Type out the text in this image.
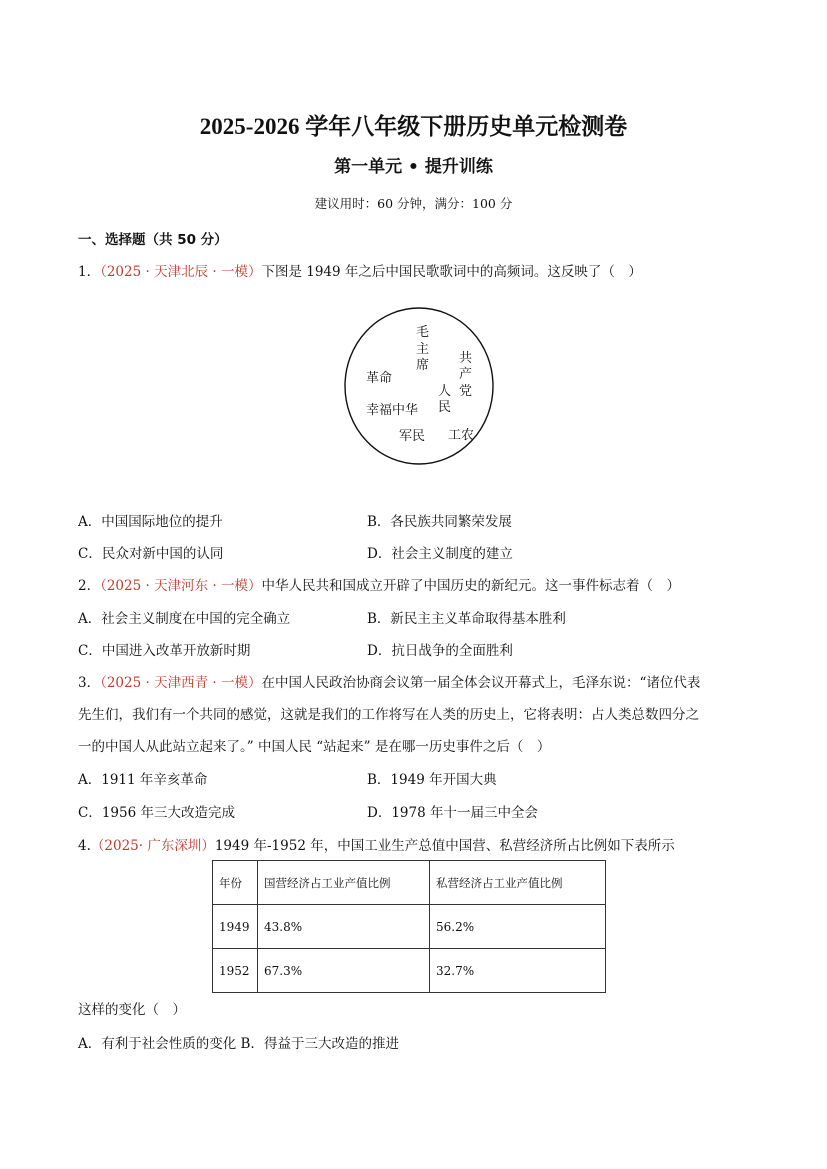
2025-2026 学年八年级下册历史单元检测卷
第一单元 • 提升训练
建议用时：60 分钟，满分：100 分
一、选择题（共 50 分）
1．（2025 · 天津北辰 · 一模）下图是 1949 年之后中国民歌歌词中的高频词。这反映了（　）
毛
主
席 共
产
党
革命
人
民
幸福中华
军民 工农
A．中国国际地位的提升	B．各民族共同繁荣发展
C．民众对新中国的认同	D．社会主义制度的建立
2．（2025 · 天津河东 · 一模）中华人民共和国成立开辟了中国历史的新纪元。这一事件标志着（　）
A．社会主义制度在中国的完全确立	B．新民主主义革命取得基本胜利
C．中国进入改革开放新时期	D．抗日战争的全面胜利
3．（2025 · 天津西青 · 一模）在中国人民政治协商会议第一届全体会议开幕式上，毛泽东说：“诸位代表
先生们，我们有一个共同的感觉，这就是我们的工作将写在人类的历史上，它将表明：占人类总数四分之
一的中国人从此站立起来了。” 中国人民 “站起来” 是在哪一历史事件之后（　）
A．1911 年辛亥革命	B．1949 年开国大典
C．1956 年三大改造完成	D．1978 年十一届三中全会
4.（2025· 广东深圳）1949 年-1952 年，中国工业生产总值中国营、私营经济所占比例如下表所示
年份	国营经济占工业产值比例	私营经济占工业产值比例
1949	43.8%	56.2%
1952	67.3%	32.7%
这样的变化（　）
A．有利于社会性质的变化 B．得益于三大改造的推进
